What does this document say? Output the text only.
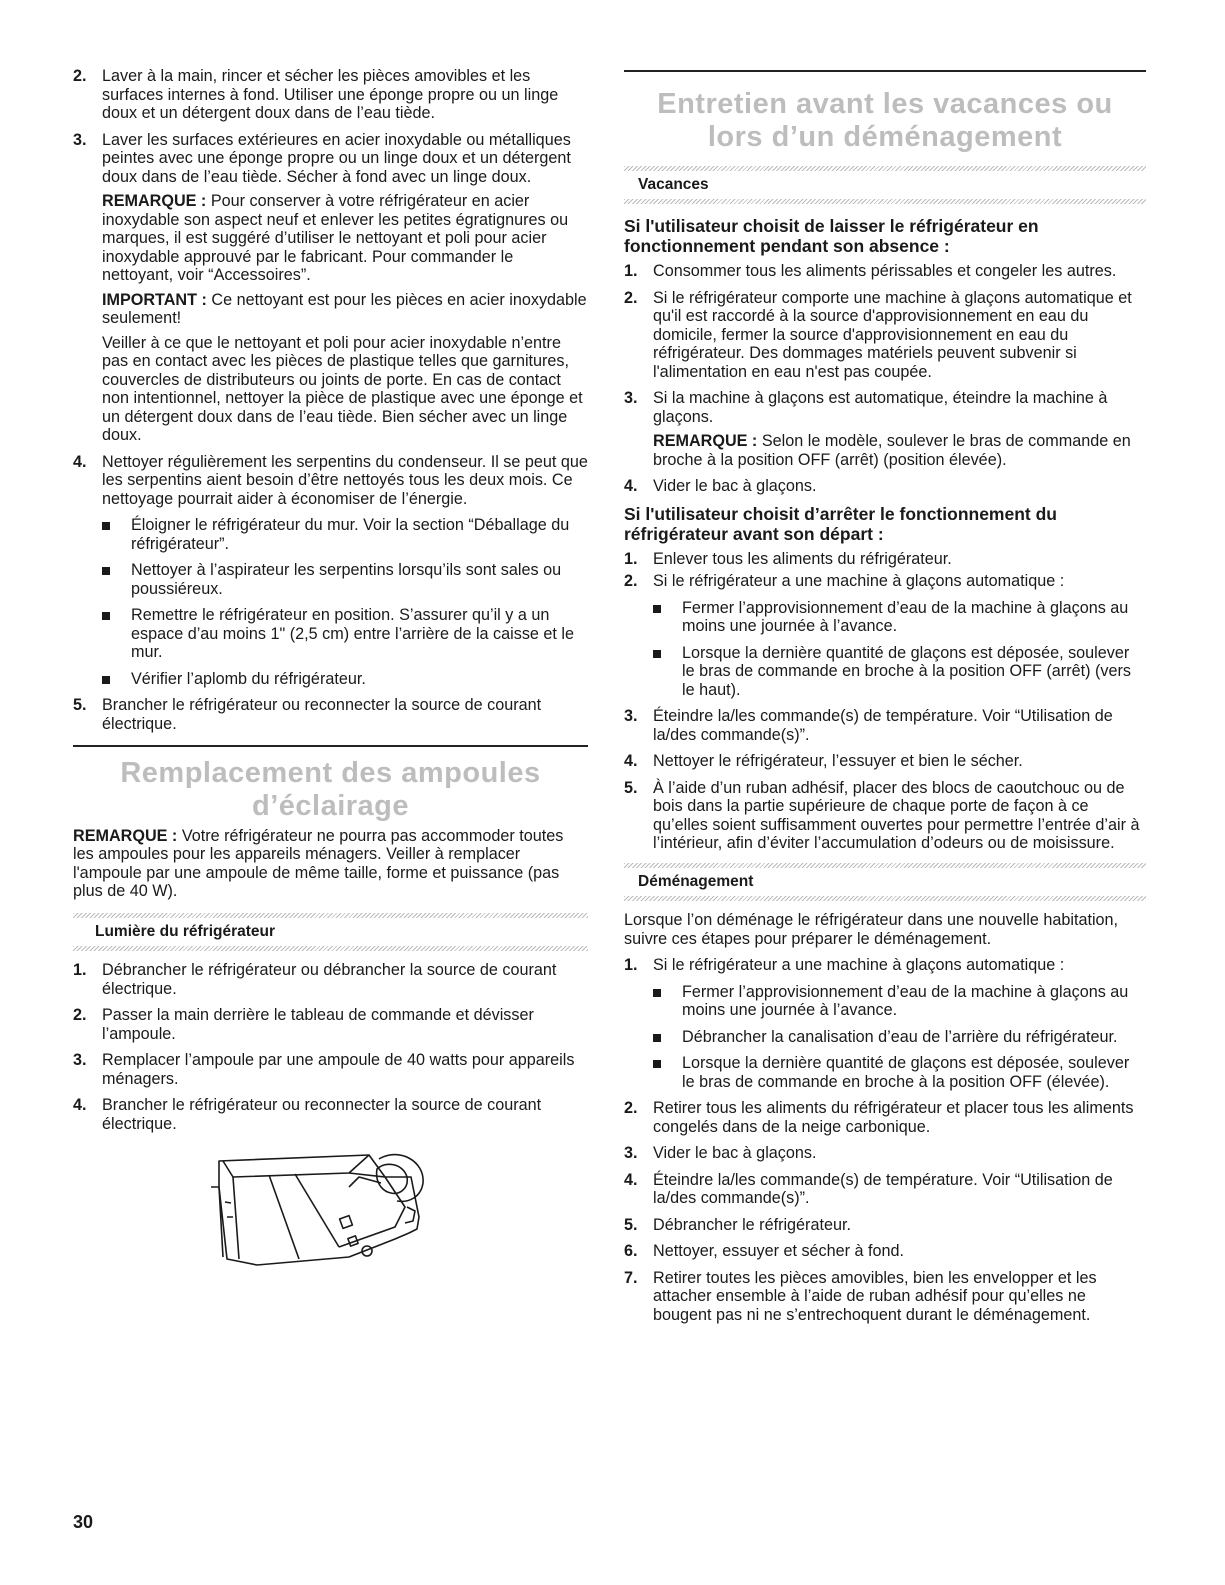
2. Laver à la main, rincer et sécher les pièces amovibles et les surfaces internes à fond. Utiliser une éponge propre ou un linge doux et un détergent doux dans de l’eau tiède.

3. Laver les surfaces extérieures en acier inoxydable ou métalliques peintes avec une éponge propre ou un linge doux et un détergent doux dans de l’eau tiède. Sécher à fond avec un linge doux.

REMARQUE : Pour conserver à votre réfrigérateur en acier inoxydable son aspect neuf et enlever les petites égratignures ou marques, il est suggéré d’utiliser le nettoyant et poli pour acier inoxydable approuvé par le fabricant. Pour commander le nettoyant, voir “Accessoires”.

IMPORTANT : Ce nettoyant est pour les pièces en acier inoxydable seulement!

Veiller à ce que le nettoyant et poli pour acier inoxydable n’entre pas en contact avec les pièces de plastique telles que garnitures, couvercles de distributeurs ou joints de porte. En cas de contact non intentionnel, nettoyer la pièce de plastique avec une éponge et un détergent doux dans de l’eau tiède. Bien sécher avec un linge doux.

4. Nettoyer régulièrement les serpentins du condenseur. Il se peut que les serpentins aient besoin d’être nettoyés tous les deux mois. Ce nettoyage pourrait aider à économiser de l’énergie.

Éloigner le réfrigérateur du mur. Voir la section “Déballage du réfrigérateur”.

Nettoyer à l’aspirateur les serpentins lorsqu’ils sont sales ou poussiéreux.

Remettre le réfrigérateur en position. S’assurer qu’il y a un espace d’au moins 1" (2,5 cm) entre l’arrière de la caisse et le mur.

Vérifier l’aplomb du réfrigérateur.

5. Brancher le réfrigérateur ou reconnecter la source de courant électrique.

Remplacement des ampoules
d’éclairage

REMARQUE : Votre réfrigérateur ne pourra pas accommoder toutes les ampoules pour les appareils ménagers. Veiller à remplacer l'ampoule par une ampoule de même taille, forme et puissance (pas plus de 40 W).

Lumière du réfrigérateur
1. Débrancher le réfrigérateur ou débrancher la source de courant électrique.

2. Passer la main derrière le tableau de commande et dévisser l’ampoule.

3. Remplacer l’ampoule par une ampoule de 40 watts pour appareils ménagers.

4. Brancher le réfrigérateur ou reconnecter la source de courant électrique.

Entretien avant les vacances ou
lors d’un déménagement
Vacances

Si l'utilisateur choisit de laisser le réfrigérateur en fonctionnement pendant son absence :

1. Consommer tous les aliments périssables et congeler les autres.

2. Si le réfrigérateur comporte une machine à glaçons automatique et qu'il est raccordé à la source d'approvisionnement en eau du domicile, fermer la source d'approvisionnement en eau du réfrigérateur. Des dommages matériels peuvent subvenir si l'alimentation en eau n'est pas coupée.

3. Si la machine à glaçons est automatique, éteindre la machine à glaçons.

REMARQUE : Selon le modèle, soulever le bras de commande en broche à la position OFF (arrêt) (position élevée).

4. Vider le bac à glaçons.

Si l'utilisateur choisit d’arrêter le fonctionnement du réfrigérateur avant son départ :

1. Enlever tous les aliments du réfrigérateur.

2. Si le réfrigérateur a une machine à glaçons automatique :

Fermer l’approvisionnement d’eau de la machine à glaçons au moins une journée à l’avance.

Lorsque la dernière quantité de glaçons est déposée, soulever le bras de commande en broche à la position OFF (arrêt) (vers le haut).

3. Éteindre la/les commande(s) de température. Voir “Utilisation de la/des commande(s)”.

4. Nettoyer le réfrigérateur, l’essuyer et bien le sécher.

5. À l’aide d’un ruban adhésif, placer des blocs de caoutchouc ou de bois dans la partie supérieure de chaque porte de façon à ce qu’elles soient suffisamment ouvertes pour permettre l’entrée d’air à l’intérieur, afin d’éviter l’accumulation d’odeurs ou de moisissure.

Déménagement

Lorsque l’on déménage le réfrigérateur dans une nouvelle habitation, suivre ces étapes pour préparer le déménagement.

1. Si le réfrigérateur a une machine à glaçons automatique :

Fermer l’approvisionnement d’eau de la machine à glaçons au moins une journée à l’avance.

Débrancher la canalisation d’eau de l’arrière du réfrigérateur.

Lorsque la dernière quantité de glaçons est déposée, soulever le bras de commande en broche à la position OFF (élevée).

2. Retirer tous les aliments du réfrigérateur et placer tous les aliments congelés dans de la neige carbonique.

3. Vider le bac à glaçons.

4. Éteindre la/les commande(s) de température. Voir “Utilisation de la/des commande(s)”.

5. Débrancher le réfrigérateur.

6. Nettoyer, essuyer et sécher à fond.

7. Retirer toutes les pièces amovibles, bien les envelopper et les attacher ensemble à l’aide de ruban adhésif pour qu’elles ne bougent pas ni ne s’entrechoquent durant le déménagement.

30
